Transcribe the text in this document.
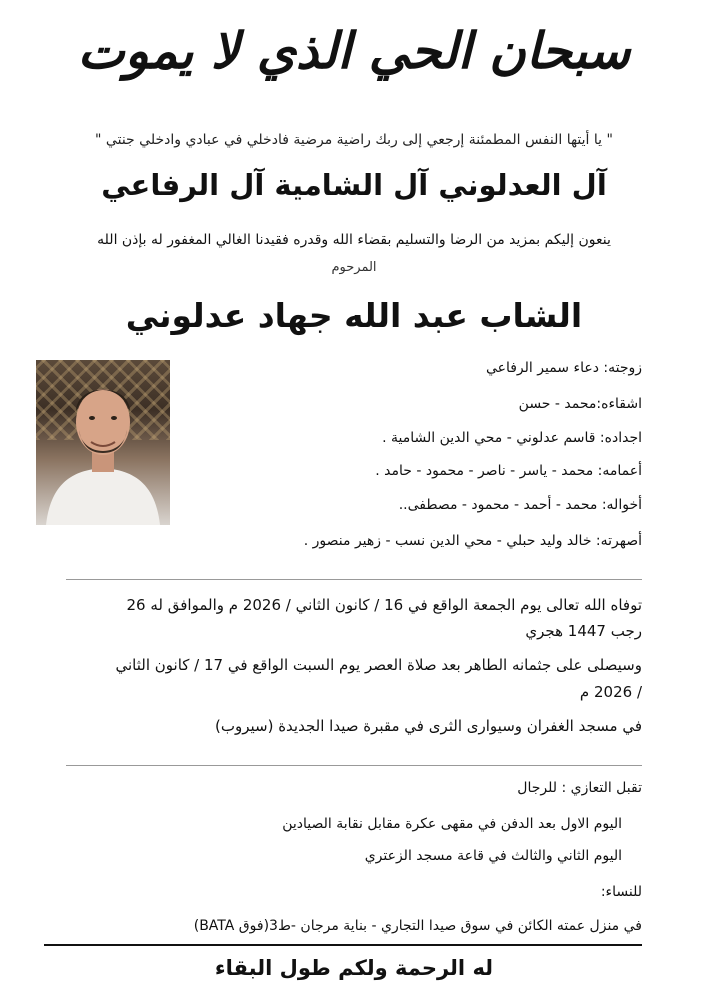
سبحان الحي الذي لا يموت
" يا أيتها النفس المطمئنة إرجعي إلى ربك راضية مرضية فادخلي في عبادي وادخلي جنتي "
آل العدلوني آل الشامية آل الرفاعي
ينعون إليكم بمزيد من الرضا والتسليم بقضاء الله وقدره فقيدنا الغالي المغفور له بإذن الله
المرحوم
الشاب عبد الله جهاد عدلوني
زوجته: دعاء سمير الرفاعي
اشقاءه:محمد - حسن
اجداده: قاسم عدلوني - محي الدين الشامية .
أعمامه: محمد - ياسر - ناصر - محمود - حامد .
أخواله: محمد - أحمد - محمود - مصطفى..
أصهرته: خالد وليد حبلي - محي الدين نسب - زهير منصور .
توفاه الله تعالى يوم الجمعة الواقع في 16 / كانون الثاني / 2026 م والموافق له 26
رجب 1447 هجري
وسيصلى على جثمانه الطاهر بعد صلاة العصر يوم السبت الواقع في 17 / كانون الثاني
/ 2026 م
في مسجد الغفران وسيوارى الثرى في مقبرة صيدا الجديدة (سيروب)
تقبل التعازي : للرجال
اليوم الاول بعد الدفن في مقهى عكرة مقابل نقابة الصيادين
اليوم الثاني والثالث في قاعة مسجد الزعتري
للنساء:
في منزل عمته الكائن في سوق صيدا التجاري - بناية مرجان -ط3(فوق BATA)
له الرحمة ولكم طول البقاء
